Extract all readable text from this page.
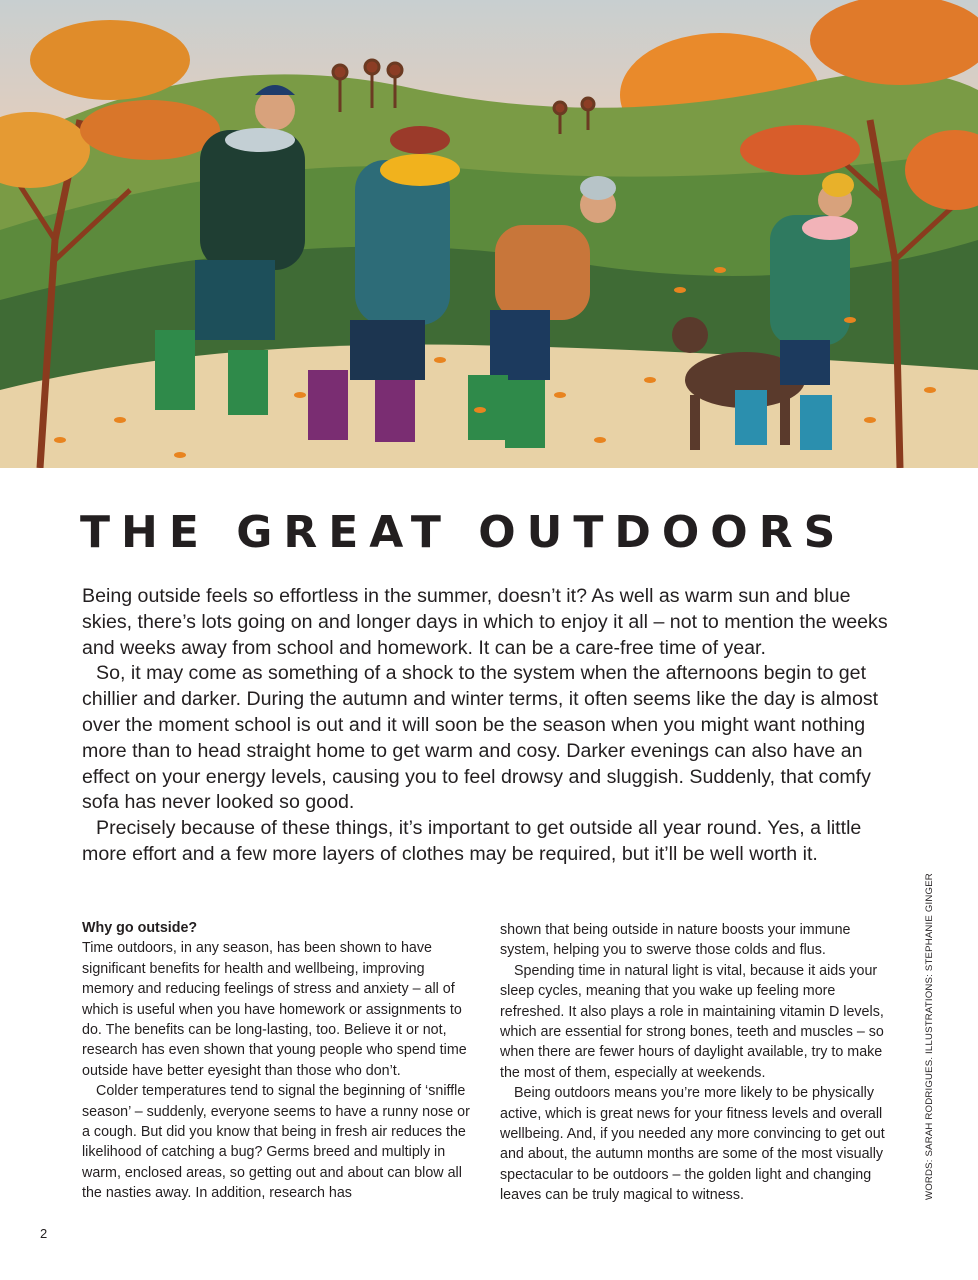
THE GREAT OUTDOORS

Being outside feels so effortless in the summer, doesn’t it? As well as warm sun and blue skies, there’s lots going on and longer days in which to enjoy it all – not to mention the weeks and weeks away from school and homework. It can be a care-free time of year.

So, it may come as something of a shock to the system when the afternoons begin to get chillier and darker. During the autumn and winter terms, it often seems like the day is almost over the moment school is out and it will soon be the season when you might want nothing more than to head straight home to get warm and cosy. Darker evenings can also have an effect on your energy levels, causing you to feel drowsy and sluggish. Suddenly, that comfy sofa has never looked so good.

Precisely because of these things, it’s important to get outside all year round. Yes, a little more effort and a few more layers of clothes may be required, but it’ll be well worth it.

Why go outside?

Time outdoors, in any season, has been shown to have significant benefits for health and wellbeing, improving memory and reducing feelings of stress and anxiety – all of which is useful when you have homework or assignments to do. The benefits can be long-lasting, too. Believe it or not, research has even shown that young people who spend time outside have better eyesight than those who don’t.

Colder temperatures tend to signal the beginning of ‘sniffle season’ – suddenly, everyone seems to have a runny nose or a cough. But did you know that being in fresh air reduces the likelihood of catching a bug? Germs breed and multiply in warm, enclosed areas, so getting out and about can blow all the nasties away. In addition, research has

shown that being outside in nature boosts your immune system, helping you to swerve those colds and flus.

Spending time in natural light is vital, because it aids your sleep cycles, meaning that you wake up feeling more refreshed. It also plays a role in maintaining vitamin D levels, which are essential for strong bones, teeth and muscles – so when there are fewer hours of daylight available, try to make the most of them, especially at weekends.

Being outdoors means you’re more likely to be physically active, which is great news for your fitness levels and overall wellbeing. And, if you needed any more convincing to get out and about, the autumn months are some of the most visually spectacular to be outdoors – the golden light and changing leaves can be truly magical to witness.	WORDS: SARAH RODRIGUES. ILLUSTRATIONS: STEPHANIE GINGER
2
